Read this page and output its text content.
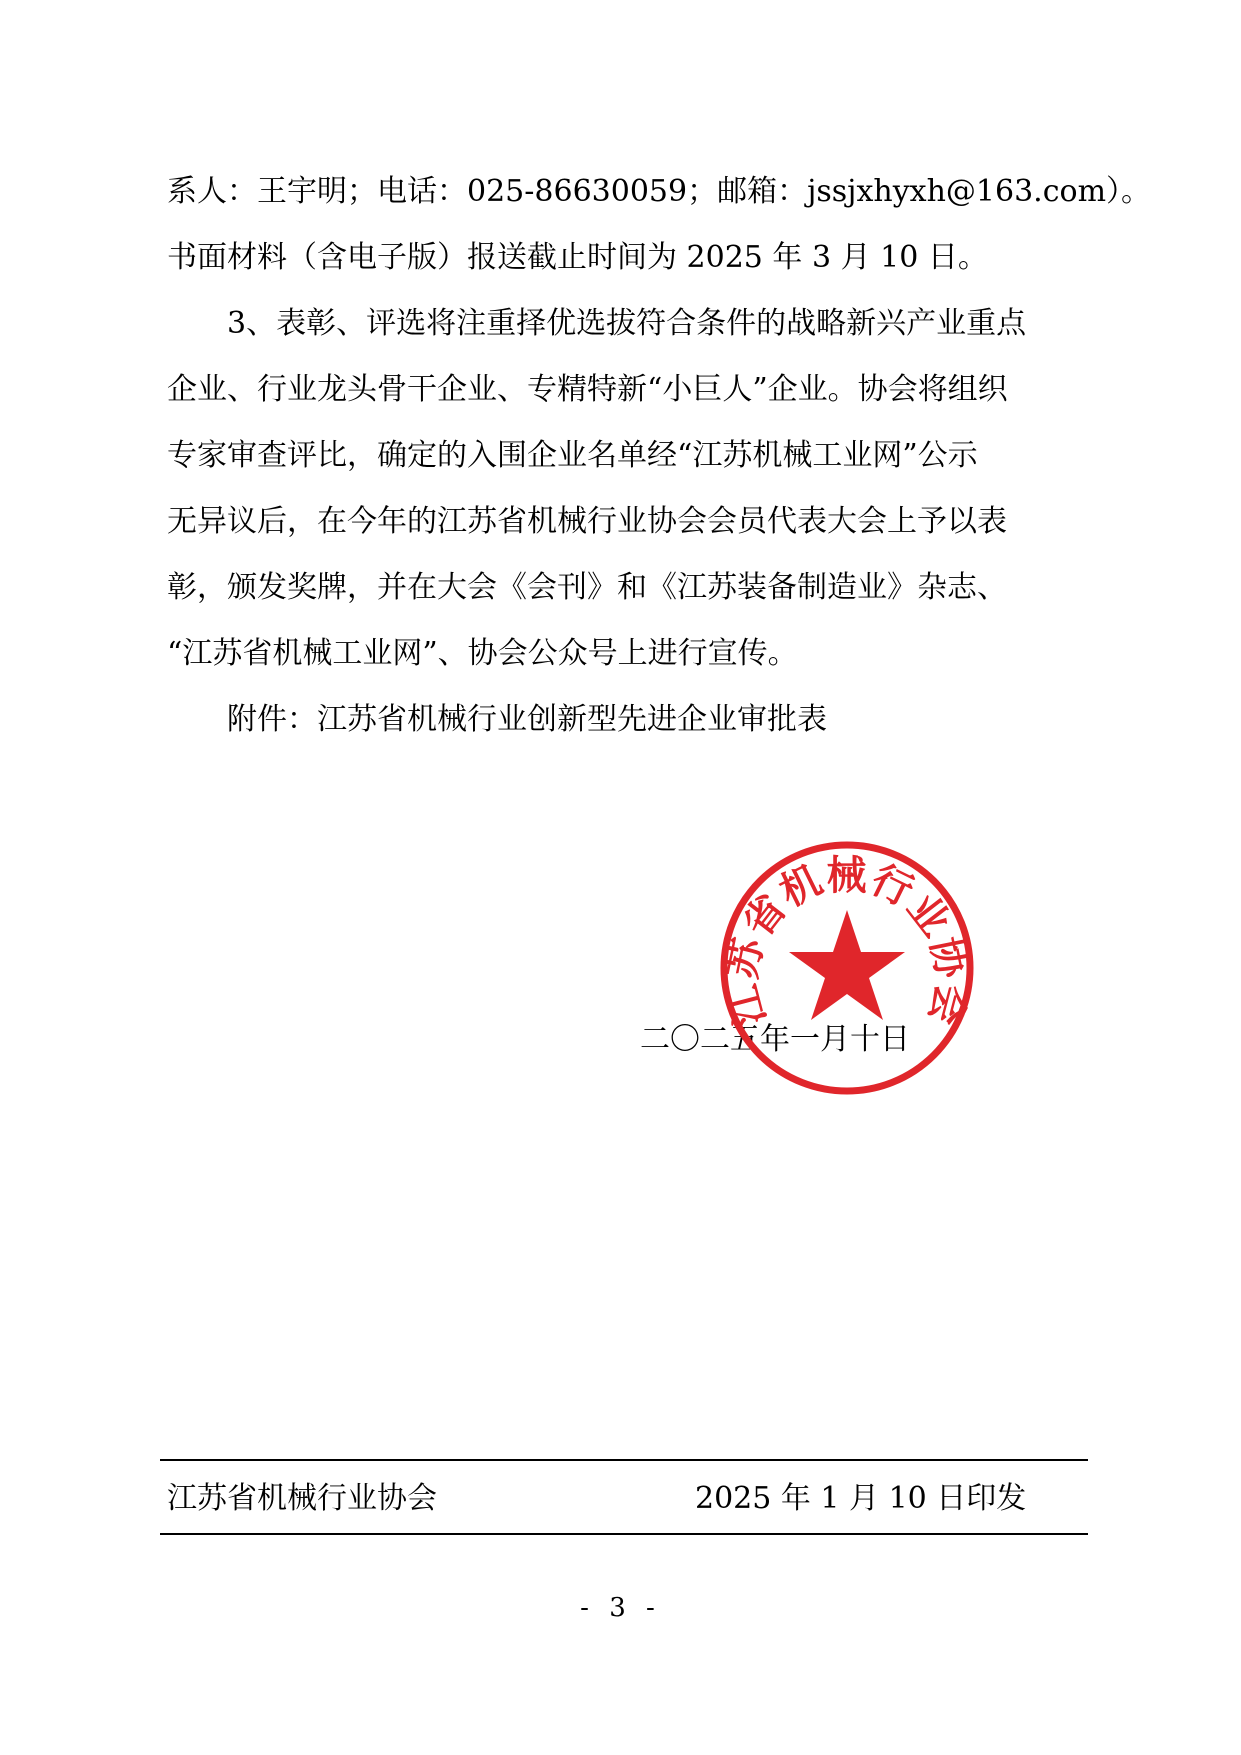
系人：王宇明；电话：025-86630059；邮箱：jssjxhyxh@163.com）。
书面材料（含电子版）报送截止时间为 2025 年 3 月 10 日。
3、表彰、评选将注重择优选拔符合条件的战略新兴产业重点
企业、行业龙头骨干企业、专精特新“小巨人”企业。协会将组织
专家审查评比，确定的入围企业名单经“江苏机械工业网”公示
无异议后，在今年的江苏省机械行业协会会员代表大会上予以表
彰，颁发奖牌，并在大会《会刊》和《江苏装备制造业》杂志、
“江苏省机械工业网”、协会公众号上进行宣传。
附件：江苏省机械行业创新型先进企业审批表
二〇二五年一月十日
江苏省机械行业协会
江苏省机械行业协会	2025 年 1 月 10 日印发
- 3 -
